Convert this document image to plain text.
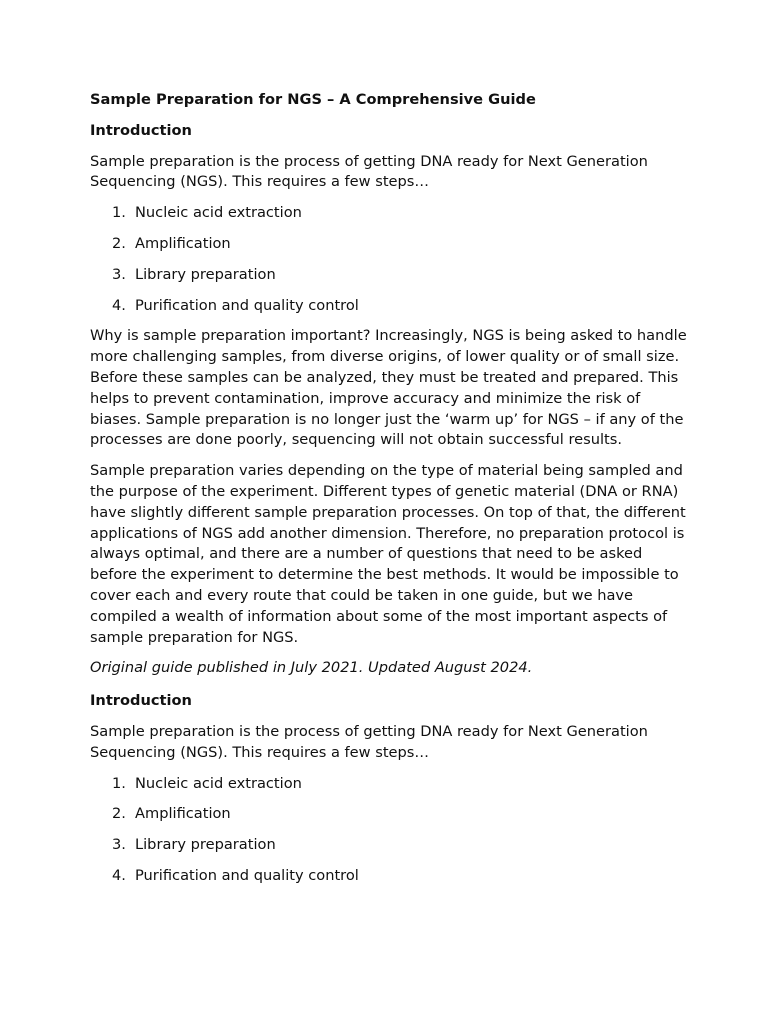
Sample Preparation for NGS – A Comprehensive Guide
Introduction

Sample preparation is the process of getting DNA ready for Next Generation Sequencing (NGS). This requires a few steps…

1. Nucleic acid extraction
2. Amplification
3. Library preparation
4. Purification and quality control

Why is sample preparation important? Increasingly, NGS is being asked to handle more challenging samples, from diverse origins, of lower quality or of small size. Before these samples can be analyzed, they must be treated and prepared. This helps to prevent contamination, improve accuracy and minimize the risk of biases. Sample preparation is no longer just the ‘warm up’ for NGS – if any of the processes are done poorly, sequencing will not obtain successful results.

Sample preparation varies depending on the type of material being sampled and the purpose of the experiment. Different types of genetic material (DNA or RNA) have slightly different sample preparation processes. On top of that, the different applications of NGS add another dimension. Therefore, no preparation protocol is always optimal, and there are a number of questions that need to be asked before the experiment to determine the best methods. It would be impossible to cover each and every route that could be taken in one guide, but we have compiled a wealth of information about some of the most important aspects of sample preparation for NGS.

Original guide published in July 2021. Updated August 2024.

Introduction

Sample preparation is the process of getting DNA ready for Next Generation Sequencing (NGS). This requires a few steps…

1. Nucleic acid extraction
2. Amplification
3. Library preparation
4. Purification and quality control
